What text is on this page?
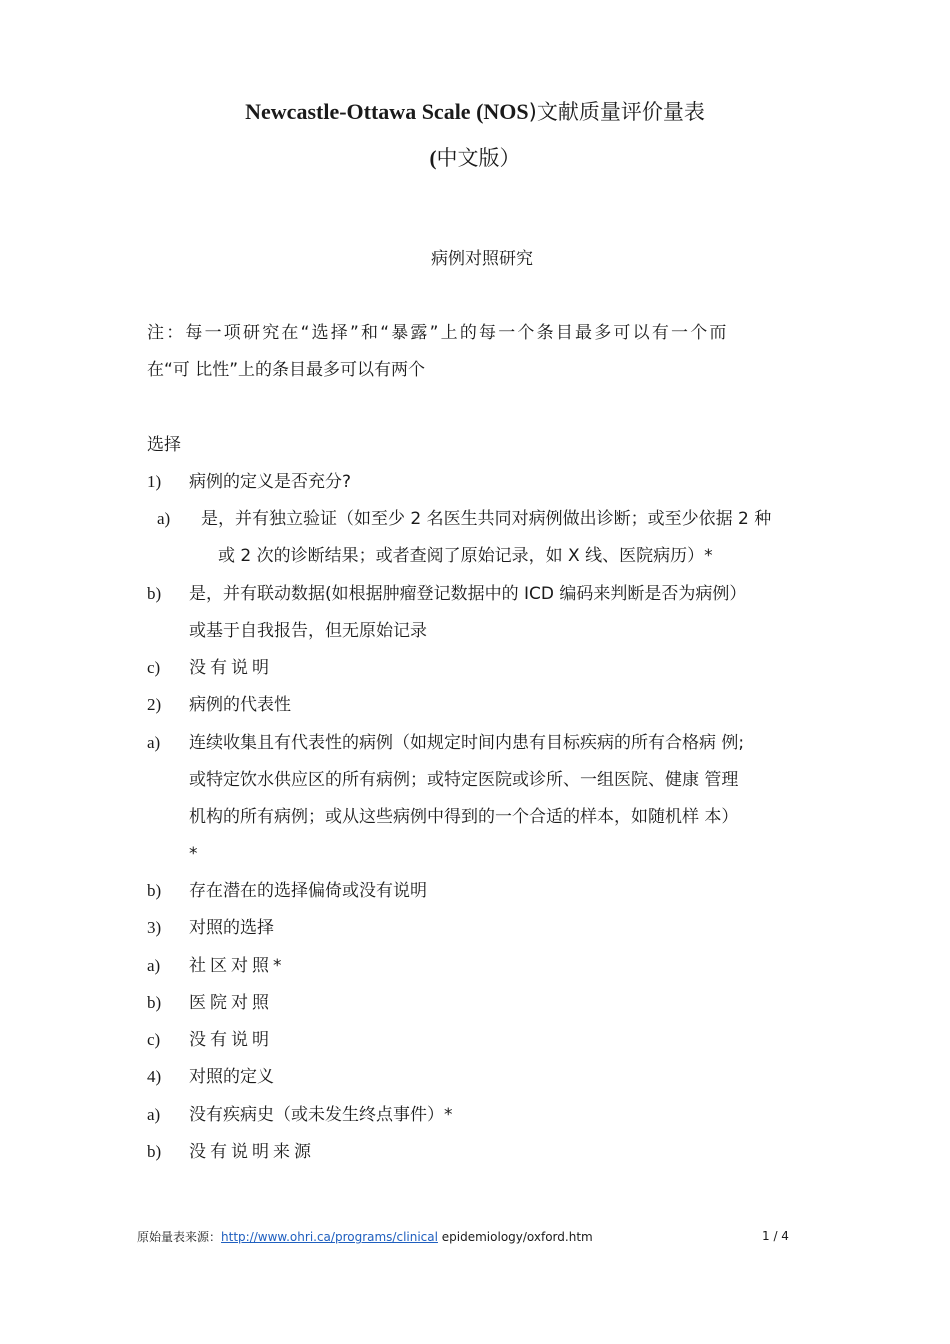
Newcastle-Ottawa Scale (NOS)文献质量评价量表
(中文版）
病例对照研究
注：每一项研究在“选择”和“暴露”上的每一个条目最多可以有一个而
在“可 比性”上的条目最多可以有两个
选择
1) 病例的定义是否充分?
a) 是，并有独立验证（如至少 2 名医生共同对病例做出诊断；或至少依据 2 种
或 2 次的诊断结果；或者查阅了原始记录，如 X 线、医院病历）*
b) 是，并有联动数据(如根据肿瘤登记数据中的 ICD 编码来判断是否为病例）
或基于自我报告，但无原始记录
c) 没有说明
2) 病例的代表性
a) 连续收集且有代表性的病例（如规定时间内患有目标疾病的所有合格病 例;
或特定饮水供应区的所有病例；或特定医院或诊所、一组医院、健康 管理
机构的所有病例；或从这些病例中得到的一个合适的样本，如随机样 本）
*
b) 存在潜在的选择偏倚或没有说明
3) 对照的选择
a) 社区对照*
b) 医院对照
c) 没有说明
4) 对照的定义
a) 没有疾病史（或未发生终点事件）*
b) 没有说明来源
原始量表来源：http://www.ohri.ca/programs/clinical epidemiology/oxford.htm	1 / 4
